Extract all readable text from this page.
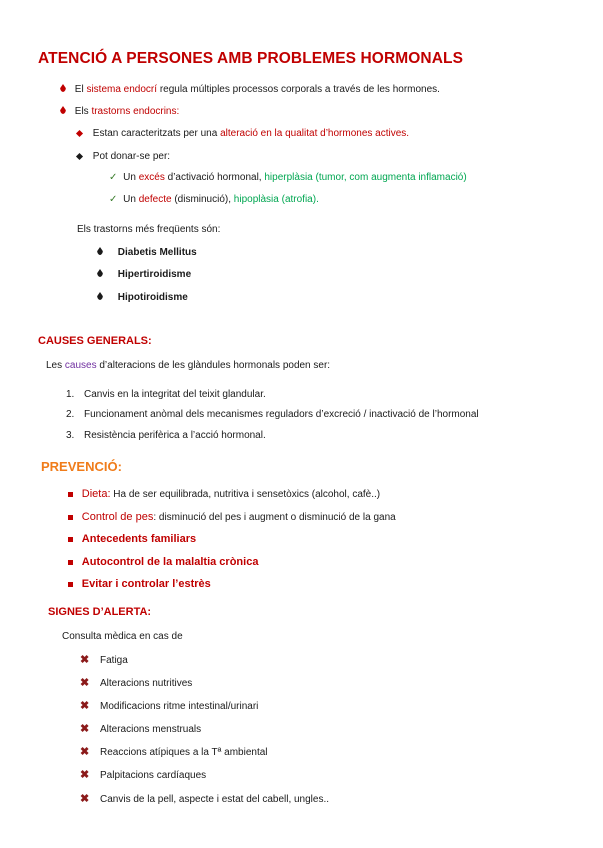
ATENCIÓ A PERSONES AMB PROBLEMES HORMONALS
El sistema endocrí regula múltiples processos corporals a través de les hormones.
Els trastorns endocrins:
Estan caracteritzats per una alteració en la qualitat d’hormones actives.
Pot donar-se per:
✓ Un excés d’activació hormonal, hiperplàsia (tumor, com augmenta inflamació)
✓ Un defecte (disminució), hipoplàsia (atrofia).
Els trastorns més freqüents són:
Diabetis Mellitus
Hipertiroidisme
Hipotiroidisme
CAUSES GENERALS:
Les causes d’alteracions de les glàndules hormonals poden ser:
1. Canvis en la integritat del teixit glandular.
2. Funcionament anòmal dels mecanismes reguladors d’excreció / inactivació de l’hormonal
3. Resistència perifèrica a l’acció hormonal.
PREVENCIÓ:
Dieta: Ha de ser equilibrada, nutritiva i sensetòxics (alcohol, cafè..)
Control de pes: disminució del pes i augment o disminució de la gana
Antecedents familiars
Autocontrol de la malaltia crònica
Evitar i controlar l’estrès
SIGNES D’ALERTA:
Consulta mèdica en cas de
✖ Fatiga
✖ Alteracions nutritives
✖ Modificacions ritme intestinal/urinari
✖ Alteracions menstruals
✖ Reaccions atípiques a la Tª ambiental
✖ Palpitacions cardíaques
✖ Canvis de la pell, aspecte i estat del cabell, ungles..
